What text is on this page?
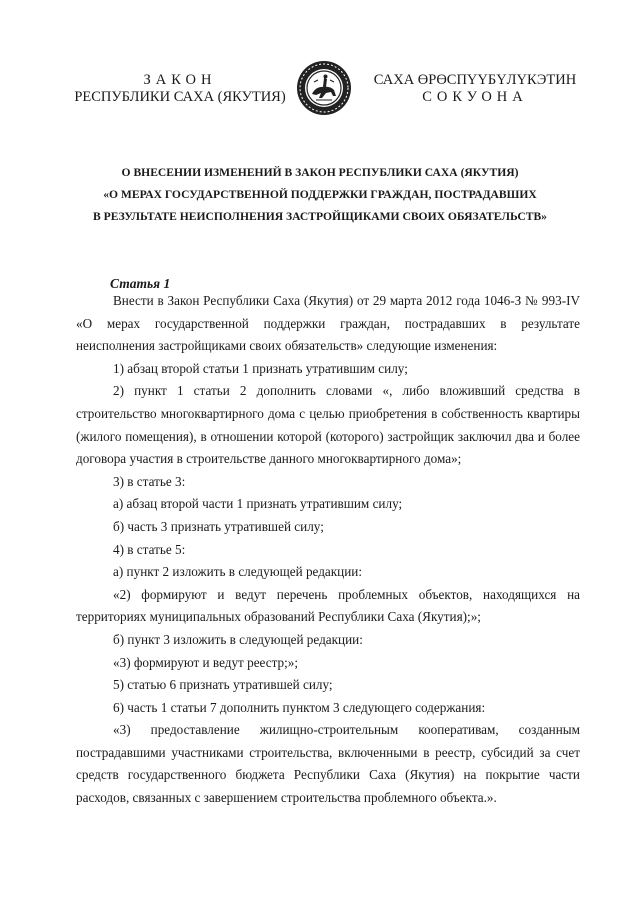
ЗАКОН
РЕСПУБЛИКИ САХА (ЯКУТИЯ)
САХА ӨРӨСПҮҮБҮЛҮКЭТИН
СОКУОНА
О ВНЕСЕНИИ ИЗМЕНЕНИЙ В ЗАКОН РЕСПУБЛИКИ САХА (ЯКУТИЯ)
«О МЕРАХ ГОСУДАРСТВЕННОЙ ПОДДЕРЖКИ ГРАЖДАН, ПОСТРАДАВШИХ
В РЕЗУЛЬТАТЕ НЕИСПОЛНЕНИЯ ЗАСТРОЙЩИКАМИ СВОИХ ОБЯЗАТЕЛЬСТВ»
Статья 1

Внести в Закон Республики Саха (Якутия) от 29 марта 2012 года 1046-З № 993-IV «О мерах государственной поддержки граждан, пострадавших в результате неисполнения застройщиками своих обязательств» следующие изменения:

1) абзац второй статьи 1 признать утратившим силу;

2) пункт 1 статьи 2 дополнить словами «, либо вложивший средства в строительство многоквартирного дома с целью приобретения в собственность квартиры (жилого помещения), в отношении которой (которого) застройщик заключил два и более договора участия в строительстве данного многоквартирного дома»;

3) в статье 3:

а) абзац второй части 1 признать утратившим силу;

б) часть 3 признать утратившей силу;

4) в статье 5:

а) пункт 2 изложить в следующей редакции:

«2) формируют и ведут перечень проблемных объектов, находящихся на территориях муниципальных образований Республики Саха (Якутия);»;

б) пункт 3 изложить в следующей редакции:

«3) формируют и ведут реестр;»;

5) статью 6 признать утратившей силу;

6) часть 1 статьи 7 дополнить пунктом 3 следующего содержания:

«3) предоставление жилищно-строительным кооперативам, созданным пострадавшими участниками строительства, включенными в реестр, субсидий за счет средств государственного бюджета Республики Саха (Якутия) на покрытие части расходов, связанных с завершением строительства проблемного объекта.».
